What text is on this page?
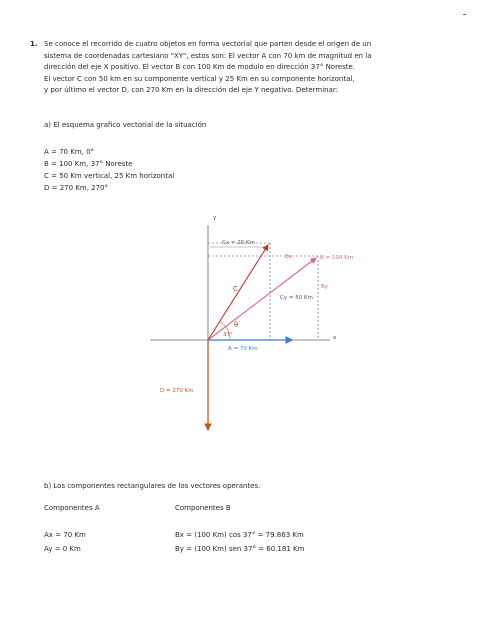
1. Se conoce el recorrido de cuatro objetos en forma vectorial que parten desde el origen de un
sistema de coordenadas cartesiano "XY", estos son: El vector A con 70 km de magnitud en la
dirección del eje X positivo. El vector B con 100 Km de modulo en dirección 37° Noreste.
El vector C con 50 km en su componente vertical y 25 Km en su componente horizontal,
y por último el vector D, con 270 Km en la dirección del eje Y negativo. Determinar:
a) El esquema grafico vectorial de la situación
A = 70 Km, 0°
B = 100 Km, 37° Noreste
C = 50 Km vertical, 25 Km horizontal
D = 270 Km, 270°
y
x
Cx = 25 Km
Cy = 50 Km
Bx
By
C
B = 100 Km
37°
θ
A = 70 Km
D = 270 Km
b) Los componentes rectangulares de los vectores operantes.
Componentes A	Componentes B
Ax = 70 Km
Ay = 0 Km
Bx = (100 Km) cos 37° = 79.863 Km
By = (100 Km) sen 37° = 60.181 Km
